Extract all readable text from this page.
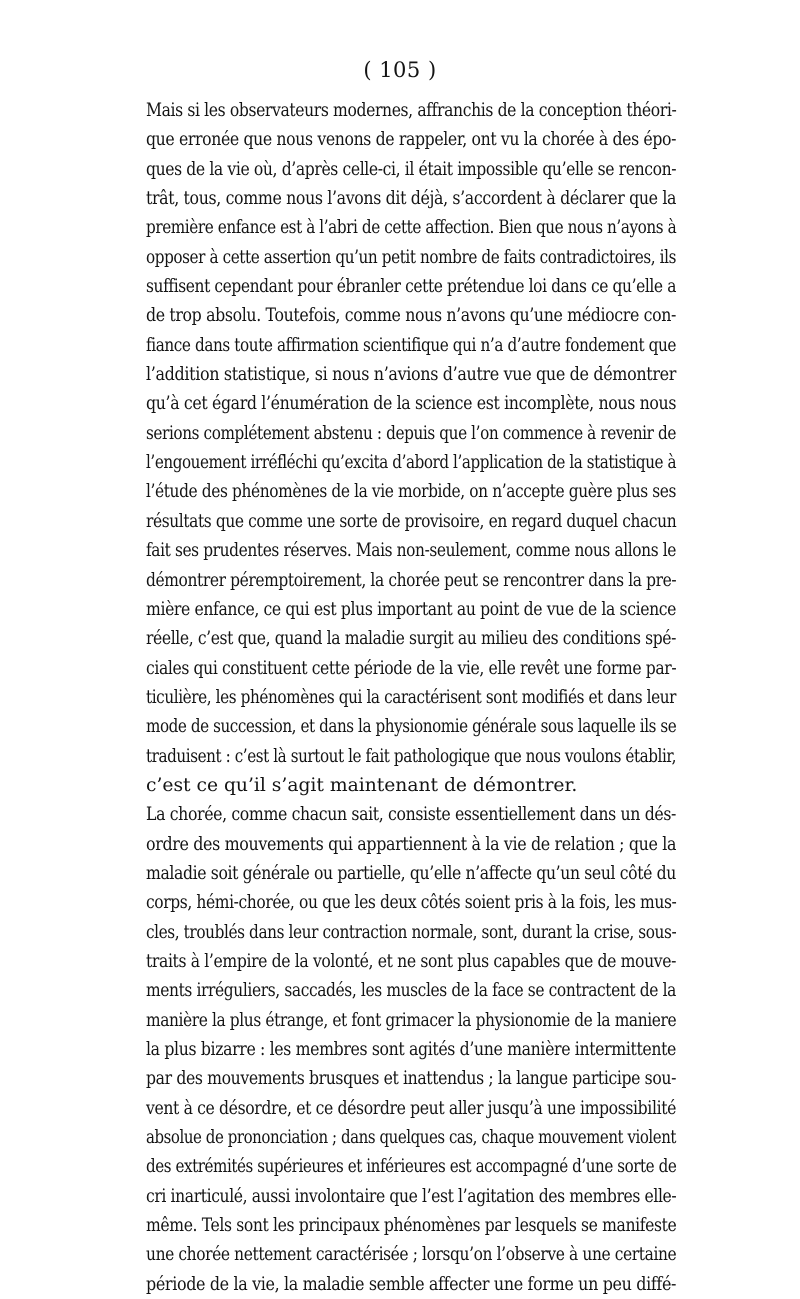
( 105 )
Mais si les observateurs modernes, affranchis de la conception théori-
que erronée que nous venons de rappeler, ont vu la chorée à des épo-
ques de la vie où, d’après celle-ci, il était impossible qu’elle se rencon-
trât, tous, comme nous l’avons dit déjà, s’accordent à déclarer que la
première enfance est à l’abri de cette affection. Bien que nous n’ayons à
opposer à cette assertion qu’un petit nombre de faits contradictoires, ils
suffisent cependant pour ébranler cette prétendue loi dans ce qu’elle a
de trop absolu. Toutefois, comme nous n’avons qu’une médiocre con-
fiance dans toute affirmation scientifique qui n’a d’autre fondement que
l’addition statistique, si nous n’avions d’autre vue que de démontrer
qu’à cet égard l’énumération de la science est incomplète, nous nous
serions complétement abstenu : depuis que l’on commence à revenir de
l’engouement irréfléchi qu’excita d’abord l’application de la statistique à
l’étude des phénomènes de la vie morbide, on n’accepte guère plus ses
résultats que comme une sorte de provisoire, en regard duquel chacun
fait ses prudentes réserves. Mais non-seulement, comme nous allons le
démontrer péremptoirement, la chorée peut se rencontrer dans la pre-
mière enfance, ce qui est plus important au point de vue de la science
réelle, c’est que, quand la maladie surgit au milieu des conditions spé-
ciales qui constituent cette période de la vie, elle revêt une forme par-
ticulière, les phénomènes qui la caractérisent sont modifiés et dans leur
mode de succession, et dans la physionomie générale sous laquelle ils se
traduisent : c’est là surtout le fait pathologique que nous voulons établir,
c’est ce qu’il s’agit maintenant de démontrer.
La chorée, comme chacun sait, consiste essentiellement dans un dés-
ordre des mouvements qui appartiennent à la vie de relation ; que la
maladie soit générale ou partielle, qu’elle n’affecte qu’un seul côté du
corps, hémi-chorée, ou que les deux côtés soient pris à la fois, les mus-
cles, troublés dans leur contraction normale, sont, durant la crise, sous-
traits à l’empire de la volonté, et ne sont plus capables que de mouve-
ments irréguliers, saccadés, les muscles de la face se contractent de la
manière la plus étrange, et font grimacer la physionomie de la maniere
la plus bizarre : les membres sont agités d’une manière intermittente
par des mouvements brusques et inattendus ; la langue participe sou-
vent à ce désordre, et ce désordre peut aller jusqu’à une impossibilité
absolue de prononciation ; dans quelques cas, chaque mouvement violent
des extrémités supérieures et inférieures est accompagné d’une sorte de
cri inarticulé, aussi involontaire que l’est l’agitation des membres elle-
même. Tels sont les principaux phénomènes par lesquels se manifeste
une chorée nettement caractérisée ; lorsqu’on l’observe à une certaine
période de la vie, la maladie semble affecter une forme un peu diffé-
